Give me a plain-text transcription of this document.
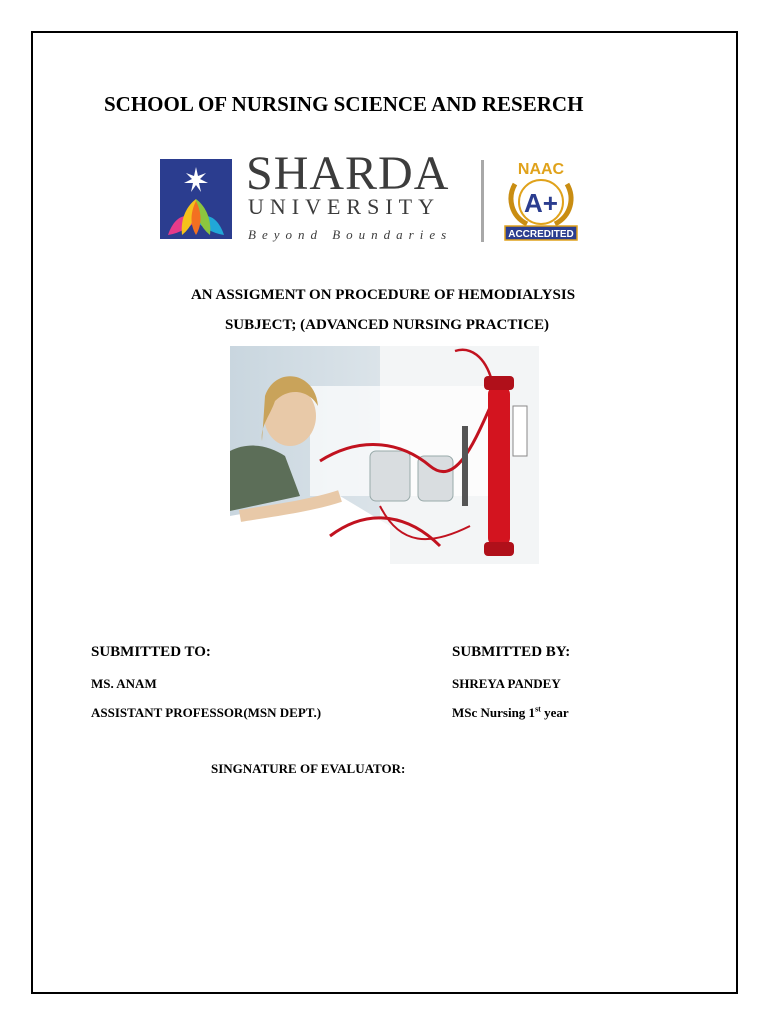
SCHOOL OF NURSING SCIENCE AND RESERCH
SHARDA
UNIVERSITY
Beyond Boundaries
NAAC
A+
ACCREDITED
AN ASSIGMENT ON PROCEDURE OF HEMODIALYSIS
SUBJECT; (ADVANCED NURSING PRACTICE)
SUBMITTED TO:
MS. ANAM
ASSISTANT PROFESSOR(MSN DEPT.)
SUBMITTED BY:
SHREYA PANDEY
MSc Nursing 1st year
SINGNATURE OF EVALUATOR:
